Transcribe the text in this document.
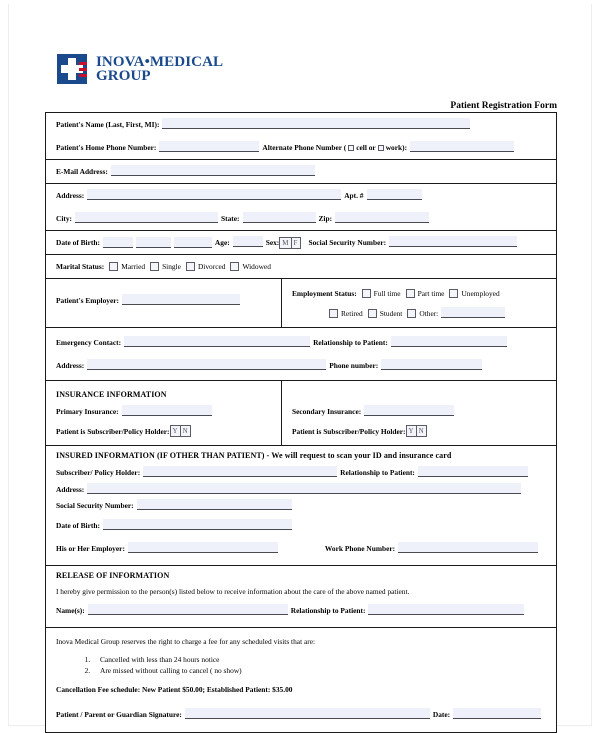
INOVA•MEDICAL
GROUP
Patient Registration Form
Patient's Name (Last, First, MI):
Patient's Home Phone Number:	Alternate Phone Number ( cell or work):
E-Mail Address:
Address:	Apt. #
City:	State:	Zip:
Date of Birth:	Age:	Sex: M F	Social Security Number:
Marital Status: Married Single Divorced Widowed
Patient's Employer:
Employment Status: Full time Part time Unemployed
Retired Student Other:
Emergency Contact:	Relationship to Patient:
Address:	Phone number:
INSURANCE INFORMATION
Primary Insurance:
Patient is Subscriber/Policy Holder: Y N
Secondary Insurance:
Patient is Subscriber/Policy Holder: Y N
INSURED INFORMATION (IF OTHER THAN PATIENT) - We will request to scan your ID and insurance card
Subscriber/ Policy Holder:	Relationship to Patient:
Address:
Social Security Number:
Date of Birth:
His or Her Employer:	Work Phone Number:
RELEASE OF INFORMATION
I hereby give permission to the person(s) listed below to receive information about the care of the above named patient.
Name(s):	Relationship to Patient:
Inova Medical Group reserves the right to charge a fee for any scheduled visits that are:
1. Cancelled with less than 24 hours notice
2. Are missed without calling to cancel ( no show)
Cancellation Fee schedule: New Patient $50.00; Established Patient: $35.00
Patient / Parent or Guardian Signature:	Date:
